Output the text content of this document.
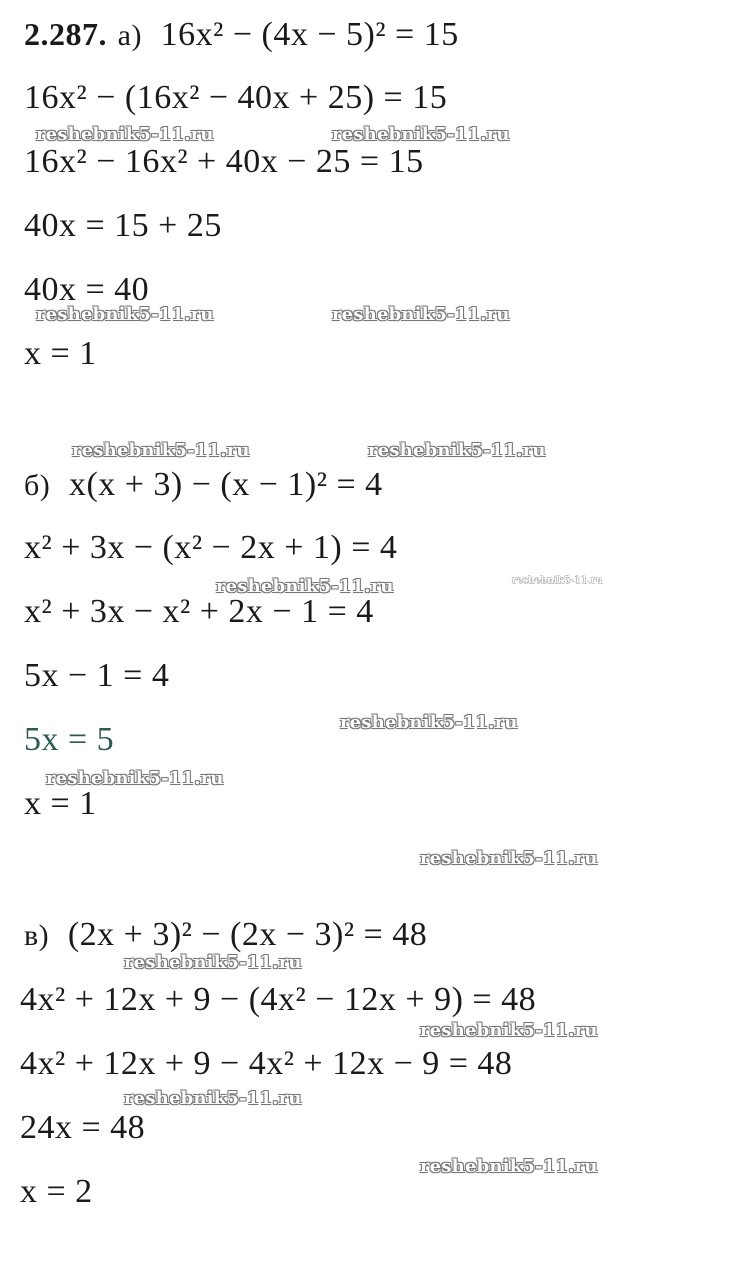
2.287. а) 16x² − (4x − 5)² = 15
16x² − (16x² − 40x + 25) = 15
16x² − 16x² + 40x − 25 = 15
40x = 15 + 25
40x = 40
x = 1
б) x(x + 3) − (x − 1)² = 4
x² + 3x − (x² − 2x + 1) = 4
x² + 3x − x² + 2x − 1 = 4
5x − 1 = 4
5x = 5
x = 1
в) (2x + 3)² − (2x − 3)² = 48
4x² + 12x + 9 − (4x² − 12x + 9) = 48
4x² + 12x + 9 − 4x² + 12x − 9 = 48
24x = 48
x = 2
reshebnik5-11.ru	reshebnik5-11.ru
reshebnik5-11.ru	reshebnik5-11.ru
reshebnik5-11.ru	reshebnik5-11.ru
reshebnik5-11.ru	reshebnik5-11.ru
reshebnik5-11.ru
reshebnik5-11.ru
reshebnik5-11.ru
reshebnik5-11.ru
reshebnik5-11.ru
reshebnik5-11.ru
reshebnik5-11.ru
